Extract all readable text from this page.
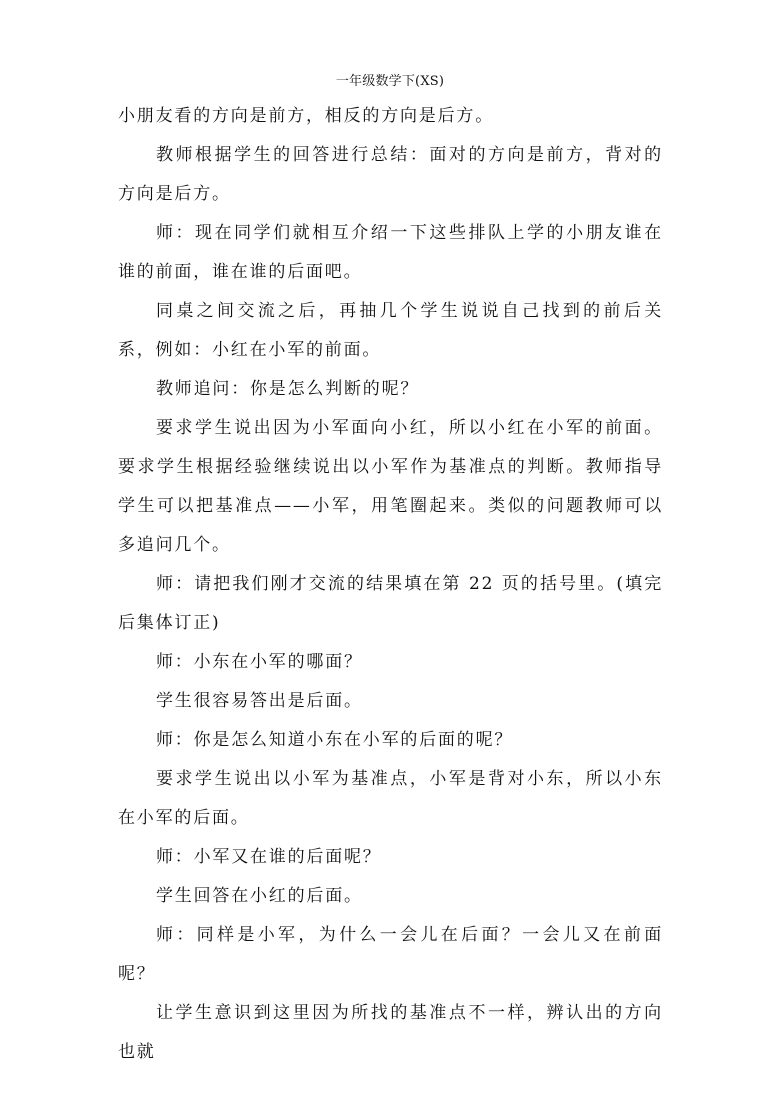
一年级数学下(XS)

小朋友看的方向是前方，相反的方向是后方。

教师根据学生的回答进行总结：面对的方向是前方，背对的方向是后方。

师：现在同学们就相互介绍一下这些排队上学的小朋友谁在谁的前面，谁在谁的后面吧。

同桌之间交流之后，再抽几个学生说说自己找到的前后关系，例如：小红在小军的前面。

教师追问：你是怎么判断的呢？

要求学生说出因为小军面向小红，所以小红在小军的前面。要求学生根据经验继续说出以小军作为基准点的判断。教师指导学生可以把基准点——小军，用笔圈起来。类似的问题教师可以多追问几个。

师：请把我们刚才交流的结果填在第 22 页的括号里。(填完后集体订正)

师：小东在小军的哪面？

学生很容易答出是后面。

师：你是怎么知道小东在小军的后面的呢？

要求学生说出以小军为基准点，小军是背对小东，所以小东在小军的后面。

师：小军又在谁的后面呢？

学生回答在小红的后面。

师：同样是小军，为什么一会儿在后面？一会儿又在前面呢？

让学生意识到这里因为所找的基准点不一样，辨认出的方向也就
